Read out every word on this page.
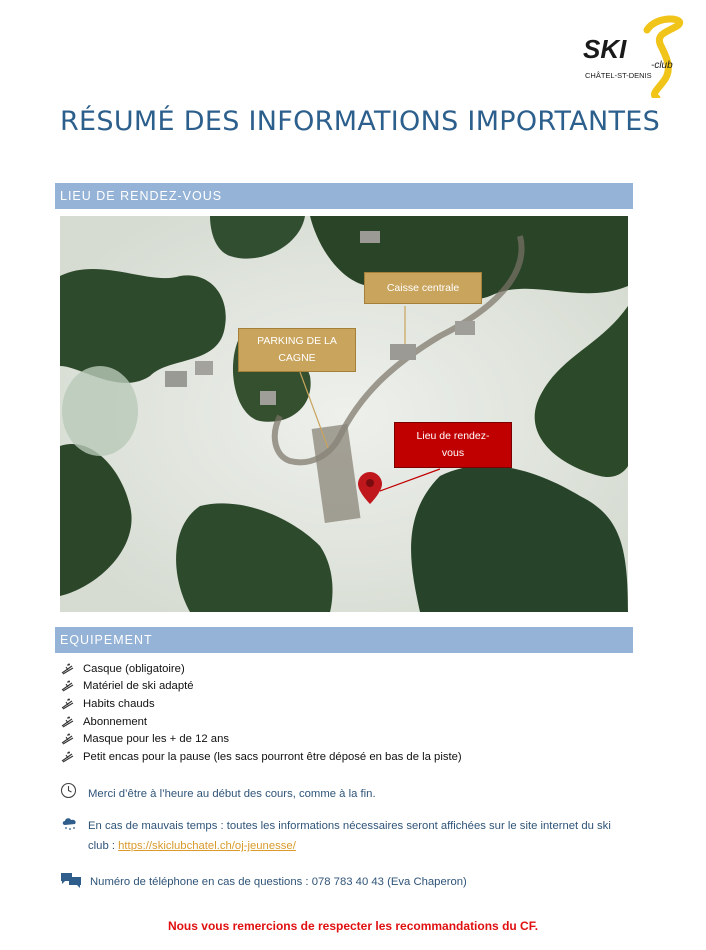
SKI
-club
CHÂTEL-ST-DENIS
RÉSUMÉ DES INFORMATIONS IMPORTANTES
LIEU DE RENDEZ-VOUS
Caisse centrale
PARKING DE LA
CAGNE
Lieu de rendez-
vous
EQUIPEMENT
Casque (obligatoire)
Matériel de ski adapté
Habits chauds
Abonnement
Masque pour les + de 12 ans
Petit encas pour la pause (les sacs pourront être déposé en bas de la piste)
Merci d’être à l’heure au début des cours, comme à la fin.
En cas de mauvais temps : toutes les informations nécessaires seront affichées sur le site internet du ski
club : https://skiclubchatel.ch/oj-jeunesse/
Numéro de téléphone en cas de questions : 078 783 40 43 (Eva Chaperon)
Nous vous remercions de respecter les recommandations du CF.
